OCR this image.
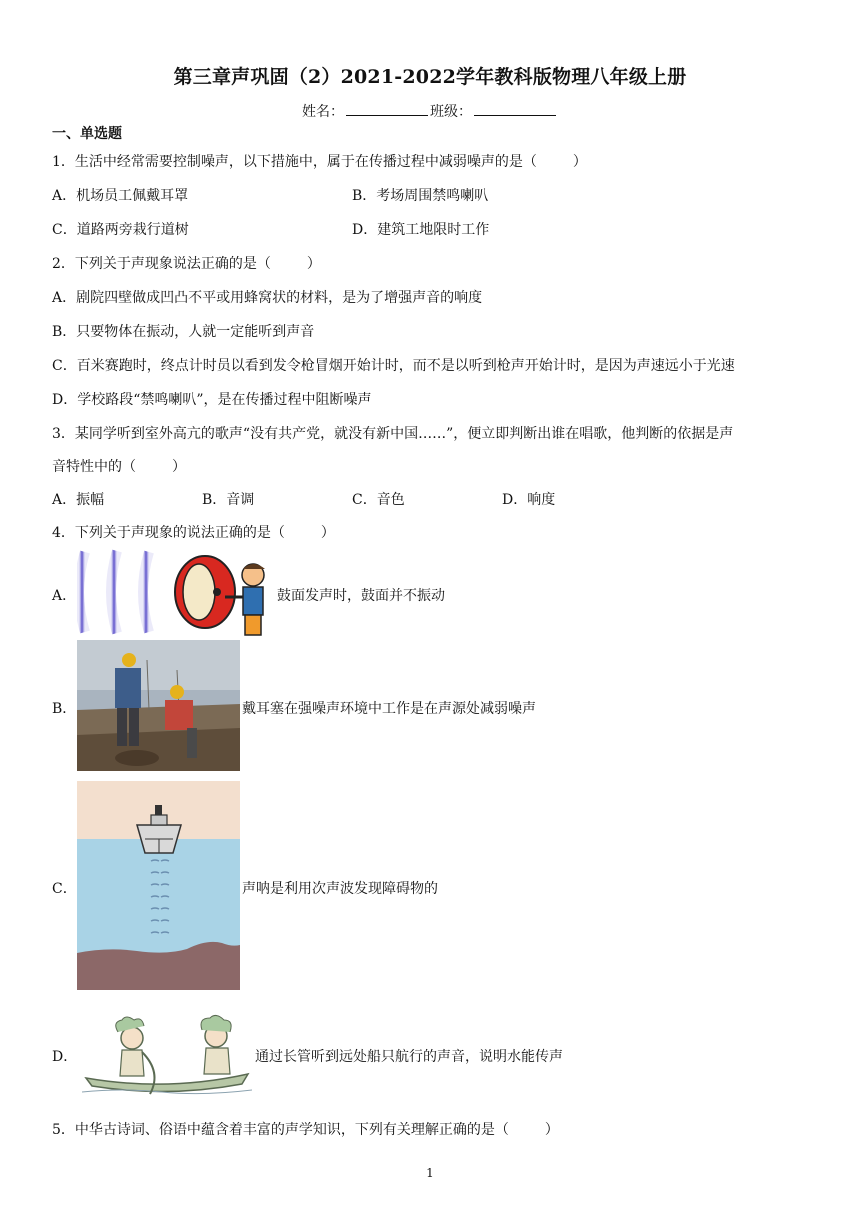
第三章声巩固（2）2021-2022学年教科版物理八年级上册
姓名：	班级：
一、单选题
1．生活中经常需要控制噪声，以下措施中，属于在传播过程中减弱噪声的是（	）
A．机场员工佩戴耳罩	B．考场周围禁鸣喇叭
C．道路两旁栽行道树	D．建筑工地限时工作
2．下列关于声现象说法正确的是（	）
A．剧院四壁做成凹凸不平或用蜂窝状的材料，是为了增强声音的响度
B．只要物体在振动，人就一定能听到声音
C．百米赛跑时，终点计时员以看到发令枪冒烟开始计时，而不是以听到枪声开始计时，是因为声速远小于光速
D．学校路段“禁鸣喇叭”，是在传播过程中阻断噪声
3．某同学听到室外高亢的歌声“没有共产党，就没有新中国……”，便立即判断出谁在唱歌，他判断的依据是声
音特性中的（	）
A．振幅	B．音调	C．音色	D．响度
4．下列关于声现象的说法正确的是（	）
A．	鼓面发声时，鼓面并不振动
B．	戴耳塞在强噪声环境中工作是在声源处减弱噪声
C．	声呐是利用次声波发现障碍物的
D．	通过长管听到远处船只航行的声音，说明水能传声
5．中华古诗词、俗语中蕴含着丰富的声学知识，下列有关理解正确的是（	）
1
